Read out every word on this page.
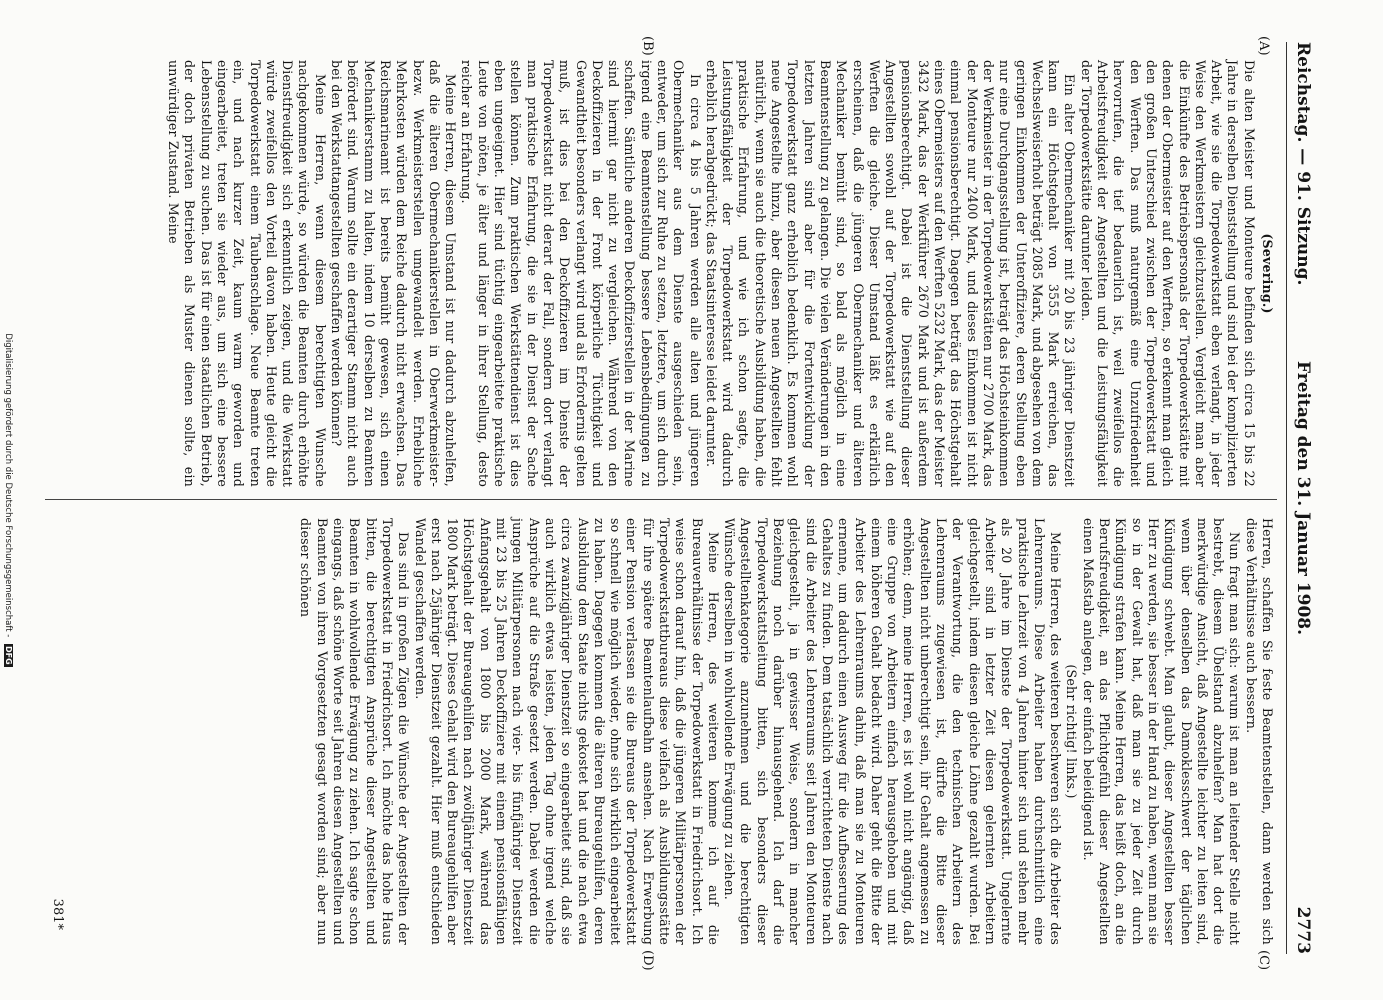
Reichstag. — 91. Sitzung.
Freitag den 31. Januar 1908.
2773
(A)
(B)
(C)
(D)

(Severing.)

Die alten Meister und Monteure befinden sich circa 15 bis 22 Jahre in derselben Dienststellung und sind bei der komplizierten Arbeit, wie sie die Torpedowerkstatt eben verlangt, in jeder Weise den Werkmeistern gleichzustellen. Vergleicht man aber die Einkünfte des Betriebspersonals der Torpedowerkstätte mit denen der Obermeister auf den Werften, so erkennt man gleich den großen Unterschied zwischen der Torpedowerkstatt und den Werften. Das muß naturgemäß eine Unzufriedenheit hervorrufen, die tief bedauerlich ist, weil zweifellos die Arbeitsfreudigkeit der Angestellten und die Leistungsfähigkeit der Torpedowerkstätte darunter leiden.

Ein alter Obermechaniker mit 20 bis 23 jähriger Dienstzeit kann ein Höchstgehalt von 3555 Mark erreichen, das Wechselsweiserholt beträgt 2085 Mark, und abgesehen von dem geringen Einkommen der Unteroffiziere, deren Stellung eben nur eine Durchgangsstellung ist, beträgt das Höchsteinkommen der Werkmeister in der Torpedowerkstätten nur 2700 Mark, das der Monteure nur 2400 Mark, und dieses Einkommen ist nicht einmal pensionsberechtigt. Dagegen beträgt das Höchstgehalt eines Obermeisters auf den Werften 5232 Mark, das der Meister 3432 Mark, das der Werkführer 2670 Mark und ist außerdem pensionsberechtigt. Dabei ist die Dienststellung dieser Angestellten sowohl auf der Torpedowerkstatt wie auf den Werften die gleiche. Dieser Umstand läßt es erklärlich erscheinen, daß die jüngeren Obermechaniker und älteren Mechaniker bemüht sind, so bald als möglich in eine Beamtenstellung zu gelangen. Die vielen Veränderungen in den letzten Jahren sind aber für die Fortentwicklung der Torpedowerkstatt ganz erheblich bedenklich. Es kommen wohl neue Angestellte hinzu, aber diesen neuen Angestellten fehlt natürlich, wenn sie auch die theoretische Ausbildung haben, die praktische Erfahrung, und wie ich schon sagte, die Leistungsfähigkeit der Torpedowerkstatt wird dadurch erheblich herabgedrückt; das Staatsinteresse leidet darunter.

In circa 4 bis 5 Jahren werden alle alten und jüngeren Obermechaniker aus dem Dienste ausgeschieden sein, entweder, um sich zur Ruhe zu setzen, letztere, um sich durch irgend eine Beamtenstellung bessere Lebensbedingungen zu schaffen. Sämtliche anderen Deckoffizierstellen in der Marine sind hiermit gar nicht zu vergleichen. Während von den Deckoffizieren in der Front körperliche Tüchtigkeit und Gewandtheit besonders verlangt wird und als Erfordernis gelten muß, ist dies bei den Deckoffizieren im Dienste der Torpedowerkstatt nicht derart der Fall, sondern dort verlangt man praktische Erfahrung, die sie in der Dienst der Sache stellen können. Zum praktischen Werkstättendienst ist dies eben ungeeignet. Hier sind tüchtig eingearbeitete praktische Leute von nöten, je älter und länger in ihrer Stellung, desto reicher an Erfahrung.

Meine Herren, diesem Umstand ist nur dadurch abzuhelfen, daß die älteren Obermechanikerstellen in Oberwerkmeister- bezw. Werkmeisterstellen umgewandelt werden. Erhebliche Mehrkosten würden dem Reiche dadurch nicht erwachsen. Das Reichsmarineamt ist bereits bemüht gewesen, sich einen Mechanikerstamm zu halten, indem 10 derselben zu Beamten befördert sind. Warum sollte ein derartiger Stamm nicht auch bei den Werkstattangestellten geschaffen werden können?

Meine Herren, wenn diesem berechtigten Wunsche nachgekommen würde, so würden die Beamten durch erhöhte Dienstfreudigkeit sich erkenntlich zeigen, und die Werkstatt würde zweifellos den Vorteil davon haben. Heute gleicht die Torpedowerkstatt einem Taubenschlage. Neue Beamte treten ein, und nach kurzer Zeit, kaum warm geworden und eingearbeitet, treten sie wieder aus, um sich eine bessere Lebensstellung zu suchen. Das ist für einen staatlichen Betrieb, der doch privaten Betrieben als Muster dienen sollte, ein unwürdiger Zustand. Meine

Herren, schaffen Sie feste Beamtenstellen, dann werden sich diese Verhältnisse auch bessern.

Nun fragt man sich: warum ist man an leitender Stelle nicht bestrebt, diesem Übelstand abzuhelfen? Man hat dort die merkwürdige Ansicht, daß Angestellte leichter zu leiten sind, wenn über denselben das Damoklesschwert der täglichen Kündigung schwebt. Man glaubt, dieser Angestellten besser Herr zu werden, sie besser in der Hand zu haben, wenn man sie so in der Gewalt hat, daß man sie zu jeder Zeit durch Kündigung strafen kann. Meine Herren, das heißt doch, an die Berufsfreudigkeit, an das Pflichtgefühl dieser Angestellten einen Maßstab anlegen, der einfach beleidigend ist.

(Sehr richtig! links.)

Meine Herren, des weiteren beschweren sich die Arbeiter des Lehrenraums. Diese Arbeiter haben durchschnittlich eine praktische Lehrzeit von 4 Jahren hinter sich und stehen mehr als 20 Jahre im Dienste der Torpedowerkstatt. Ungelernte Arbeiter sind in letzter Zeit diesen gelernten Arbeitern gleichgestellt, indem diesen gleiche Löhne gezahlt wurden. Bei der Verantwortung, die den technischen Arbeitern des Lehrenraums zugewiesen ist, dürfte die Bitte dieser Angestellten nicht unberechtigt sein, ihr Gehalt angemessen zu erhöhen; denn, meine Herren, es ist wohl nicht angängig, daß eine Gruppe von Arbeitern einfach herausgehoben und mit einem höheren Gehalt bedacht wird. Daher geht die Bitte der Arbeiter des Lehrenraums dahin, daß man sie zu Monteuren ernenne, um dadurch einen Ausweg für die Aufbesserung des Gehaltes zu finden. Dem tatsächlich verrichteten Dienste nach sind die Arbeiter des Lehrenraums seit Jahren den Monteuren gleichgestellt, ja in gewisser Weise, sondern in mancher Beziehung noch darüber hinausgehend. Ich darf die Torpedowerkstattsleitung bitten, sich besonders dieser Angestelltenkategorie anzunehmen und die berechtigten Wünsche derselben in wohlwollende Erwägung zu ziehen.

Meine Herren, des weiteren komme ich auf die Bureauverhältnisse der Torpedowerkstatt in Friedrichsort. Ich weise schon darauf hin, daß die jüngeren Militärpersonen der Torpedowerkstattbureaus diese vielfach als Ausbildungsstätte für ihre spätere Beamtenlaufbahn ansehen. Nach Erwerbung einer Pension verlassen sie die Bureaus der Torpedowerkstatt so schnell wie möglich wieder, ohne sich wirklich eingearbeitet zu haben. Dagegen kommen die älteren Bureaugehilfen, deren Ausbildung dem Staate nichts gekostet hat und die nach etwa circa zwanzigjähriger Dienstzeit so eingearbeitet sind, daß sie auch wirklich etwas leisten, jeden Tag ohne irgend welche Ansprüche auf die Straße gesetzt werden. Dabei werden die jungen Militärpersonen nach vier- bis fünfjähriger Dienstzeit mit 23 bis 25 Jahren Deckoffiziere mit einem pensionsfähigen Anfangsgehalt von 1800 bis 2000 Mark, während das Höchstgehalt der Bureaugehilfen nach zwölfjähriger Dienstzeit 1800 Mark beträgt. Dieses Gehalt wird den Bureaugehilfen aber erst nach 25jähriger Dienstzeit gezahlt. Hier muß entschieden Wandel geschaffen werden.

Das sind in großen Zügen die Wünsche der Angestellten der Torpedowerkstatt in Friedrichsort. Ich möchte das hohe Haus bitten, die berechtigten Ansprüche dieser Angestellten und Beamten in wohlwollende Erwägung zu ziehen. Ich sagte schon eingangs, daß schöne Worte seit Jahren diesen Angestellten und Beamten von ihren Vorgesetzten gesagt worden sind; aber nun dieser schönen

381*
Digitalisierung gefördert durch die Deutsche Forschungsgemeinschaft - DFG
